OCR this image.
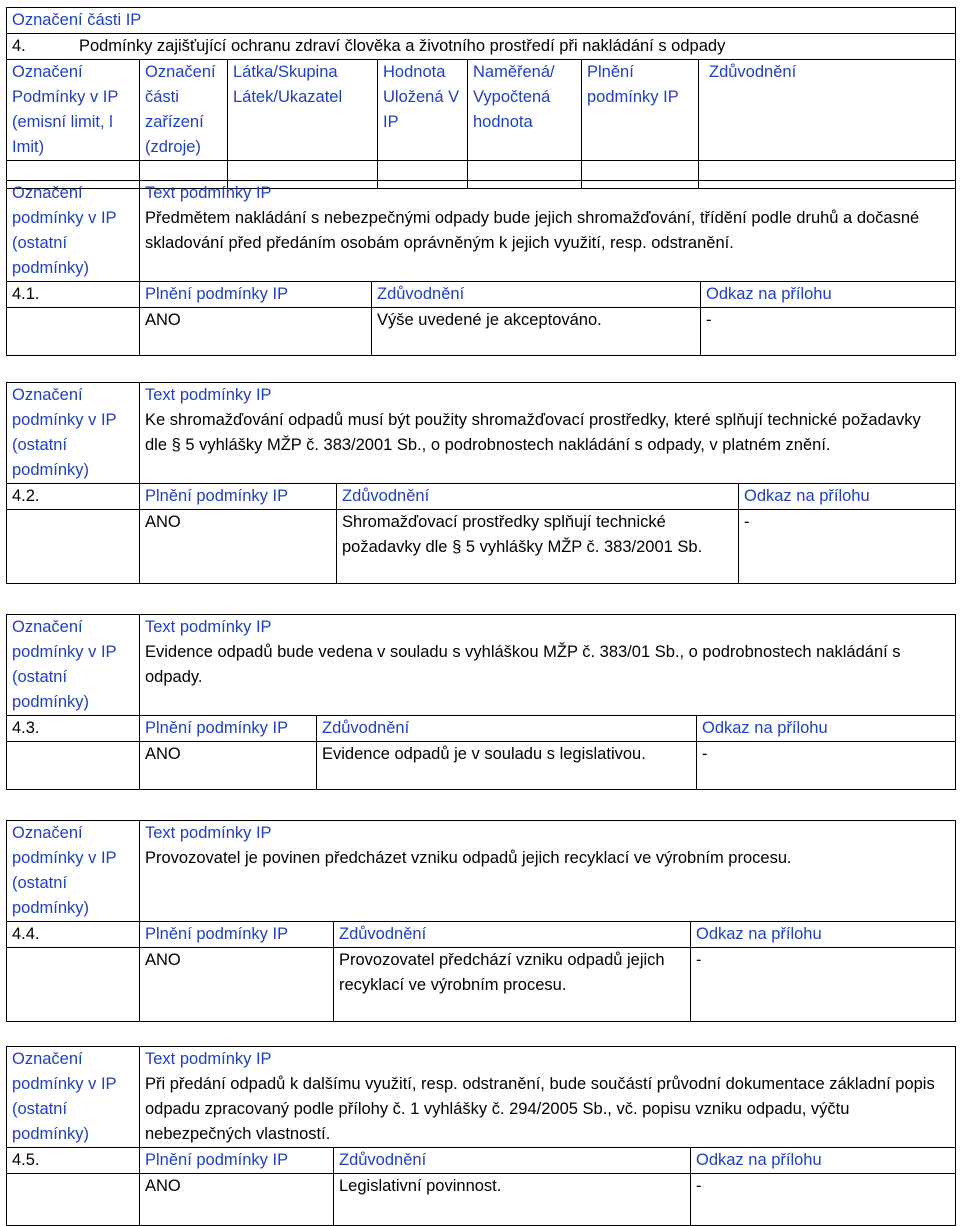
Označení části IP						
4. Podmínky zajišťující ochranu zdraví člověka a životního prostředí při nakládání s odpady						
Označení Podmínky v IP (emisní limit, l Imit)	Označení části zařízení (zdroje)	Látka/Skupina Látek/Ukazatel	Hodnota Uložená V IP	Naměřená/ Vypočtená hodnota	Plnění podmínky IP	Zdůvodnění

Označení podmínky v IP (ostatní podmínky)	Text podmínky IP
Předmětem nakládání s nebezpečnými odpady bude jejich shromažďování, třídění podle druhů a dočasné skladování před předáním osobám oprávněným k jejich využití, resp. odstranění.		

4.1.	Plnění podmínky IP	Zdůvodnění	Odkaz na přílohu
	ANO	Výše uvedené je akceptováno.	-
Označení podmínky v IP (ostatní podmínky)	Text podmínky IP
Ke shromažďování odpadů musí být použity shromažďovací prostředky, které splňují technické požadavky dle § 5 vyhlášky MŽP č. 383/2001 Sb., o podrobnostech nakládání s odpady, v platném znění.		

4.2.	Plnění podmínky IP	Zdůvodnění	Odkaz na přílohu
	ANO	Shromažďovací prostředky splňují technické požadavky dle § 5 vyhlášky MŽP č. 383/2001 Sb.	-
Označení podmínky v IP (ostatní podmínky)	Text podmínky IP
Evidence odpadů bude vedena v souladu s vyhláškou MŽP č. 383/01 Sb., o podrobnostech nakládání s odpady.		

4.3.	Plnění podmínky IP	Zdůvodnění	Odkaz na přílohu
	ANO	Evidence odpadů je v souladu s legislativou.	-
Označení podmínky v IP (ostatní podmínky)	Text podmínky IP
Provozovatel je povinen předcházet vzniku odpadů jejich recyklací ve výrobním procesu.		

4.4.	Plnění podmínky IP	Zdůvodnění	Odkaz na přílohu
	ANO	Provozovatel předchází vzniku odpadů jejich recyklací ve výrobním procesu.	-
Označení podmínky v IP (ostatní podmínky)	Text podmínky IP
Při předání odpadů k dalšímu využití, resp. odstranění, bude součástí průvodní dokumentace základní popis odpadu zpracovaný podle přílohy č. 1 vyhlášky č. 294/2005 Sb., vč. popisu vzniku odpadu, výčtu nebezpečných vlastností.		

4.5.	Plnění podmínky IP	Zdůvodnění	Odkaz na přílohu
	ANO	Legislativní povinnost.	-
